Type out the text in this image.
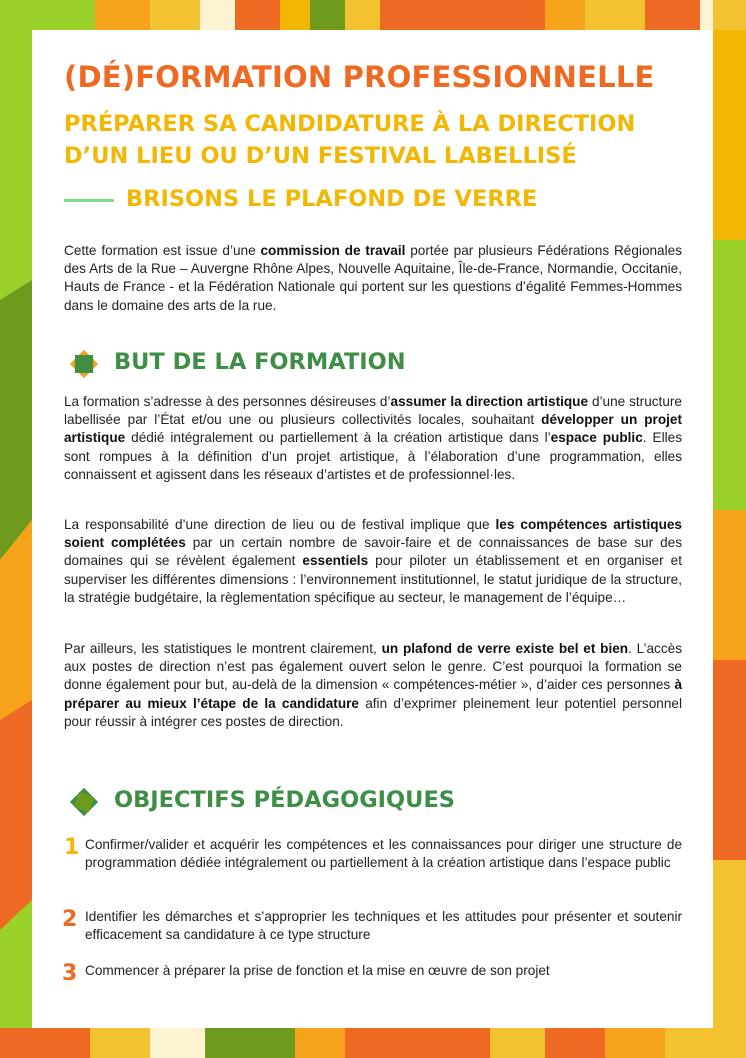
(DÉ)FORMATION PROFESSIONNELLE
PRÉPARER SA CANDIDATURE À LA DIRECTION
D’UN LIEU OU D’UN FESTIVAL LABELLISÉ
BRISONS LE PLAFOND DE VERRE
Cette formation est issue d’une commission de travail portée par plusieurs Fédérations Régionales des Arts de la Rue – Auvergne Rhône Alpes, Nouvelle Aquitaine, Île-de-France, Normandie, Occitanie, Hauts de France - et la Fédération Nationale qui portent sur les questions d’égalité Femmes-Hommes dans le domaine des arts de la rue.
BUT DE LA FORMATION
La formation s’adresse à des personnes désireuses d’assumer la direction artistique d’une structure labellisée par l’État et/ou une ou plusieurs collectivités locales, souhaitant développer un projet artistique dédié intégralement ou partiellement à la création artistique dans l’espace public. Elles sont rompues à la définition d’un projet artistique, à l’élaboration d’une programmation, elles connaissent et agissent dans les réseaux d’artistes et de professionnel·les.
La responsabilité d’une direction de lieu ou de festival implique que les compétences artistiques soient complétées par un certain nombre de savoir-faire et de connaissances de base sur des domaines qui se révèlent également essentiels pour piloter un établissement et en organiser et superviser les différentes dimensions : l’environnement institutionnel, le statut juridique de la structure, la stratégie budgétaire, la règlementation spécifique au secteur, le management de l’équipe…
Par ailleurs, les statistiques le montrent clairement, un plafond de verre existe bel et bien. L’accès aux postes de direction n’est pas également ouvert selon le genre. C’est pourquoi la formation se donne également pour but, au-delà de la dimension « compétences-métier », d’aider ces personnes à préparer au mieux l’étape de la candidature afin d’exprimer pleinement leur potentiel personnel pour réussir à intégrer ces postes de direction.
OBJECTIFS PÉDAGOGIQUES
1 Confirmer/valider et acquérir les compétences et les connaissances pour diriger une structure de programmation dédiée intégralement ou partiellement à la création artistique dans l’espace public
2 Identifier les démarches et s’approprier les techniques et les attitudes pour présenter et soutenir efficacement sa candidature à ce type structure
3 Commencer à préparer la prise de fonction et la mise en œuvre de son projet
